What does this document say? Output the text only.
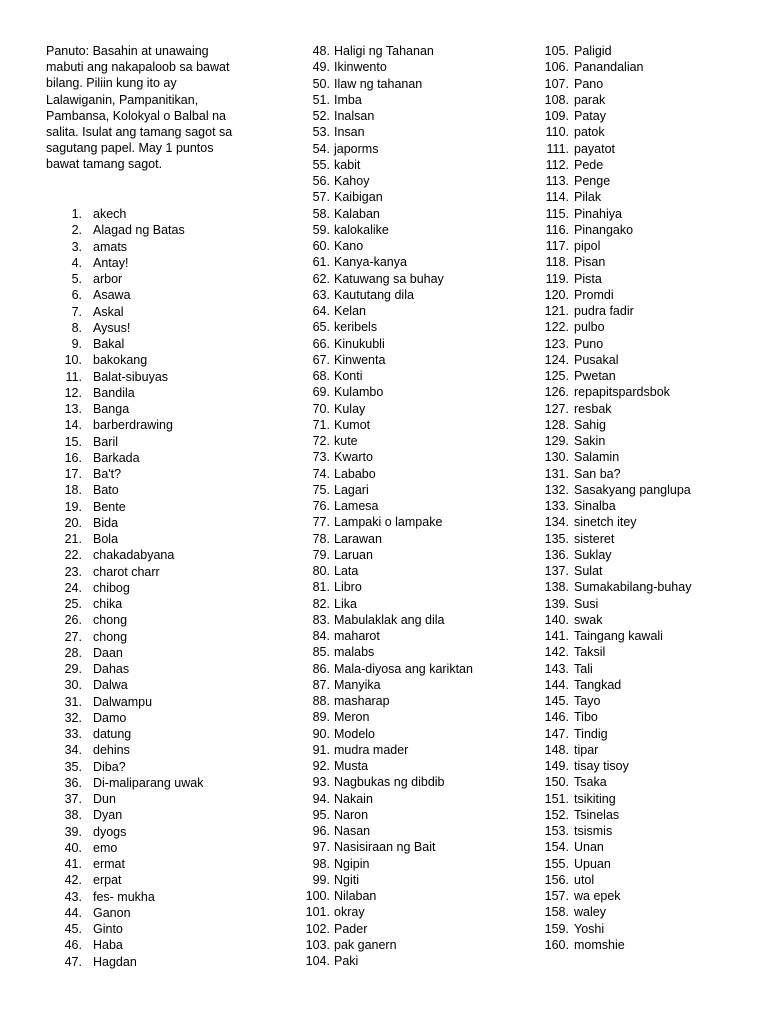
Panuto: Basahin at unawaing
mabuti ang nakapaloob sa bawat
bilang. Piliin kung ito ay
Lalawiganin, Pampanitikan,
Pambansa, Kolokyal o Balbal na
salita. Isulat ang tamang sagot sa
sagutang papel. May 1 puntos
bawat tamang sagot.
1. akech
2. Alagad ng Batas
3. amats
4. Antay!
5. arbor
6. Asawa
7. Askal
8. Aysus!
9. Bakal
10. bakokang
11. Balat-sibuyas
12. Bandila
13. Banga
14. barberdrawing
15. Baril
16. Barkada
17. Ba't?
18. Bato
19. Bente
20. Bida
21. Bola
22. chakadabyana
23. charot charr
24. chibog
25. chika
26. chong
27. chong
28. Daan
29. Dahas
30. Dalwa
31. Dalwampu
32. Damo
33. datung
34. dehins
35. Diba?
36. Di-maliparang uwak
37. Dun
38. Dyan
39. dyogs
40. emo
41. ermat
42. erpat
43. fes- mukha
44. Ganon
45. Ginto
46. Haba
47. Hagdan
48. Haligi ng Tahanan
49. Ikinwento
50. Ilaw ng tahanan
51. Imba
52. Inalsan
53. Insan
54. japorms
55. kabit
56. Kahoy
57. Kaibigan
58. Kalaban
59. kalokalike
60. Kano
61. Kanya-kanya
62. Katuwang sa buhay
63. Kaututang dila
64. Kelan
65. keribels
66. Kinukubli
67. Kinwenta
68. Konti
69. Kulambo
70. Kulay
71. Kumot
72. kute
73. Kwarto
74. Lababo
75. Lagari
76. Lamesa
77. Lampaki o lampake
78. Larawan
79. Laruan
80. Lata
81. Libro
82. Lika
83. Mabulaklak ang dila
84. maharot
85. malabs
86. Mala-diyosa ang kariktan
87. Manyika
88. masharap
89. Meron
90. Modelo
91. mudra mader
92. Musta
93. Nagbukas ng dibdib
94. Nakain
95. Naron
96. Nasan
97. Nasisiraan ng Bait
98. Ngipin
99. Ngiti
100. Nilaban
101. okray
102. Pader
103. pak ganern
104. Paki
105. Paligid
106. Panandalian
107. Pano
108. parak
109. Patay
110. patok
111. payatot
112. Pede
113. Penge
114. Pilak
115. Pinahiya
116. Pinangako
117. pipol
118. Pisan
119. Pista
120. Promdi
121. pudra fadir
122. pulbo
123. Puno
124. Pusakal
125. Pwetan
126. repapitspardsbok
127. resbak
128. Sahig
129. Sakin
130. Salamin
131. San ba?
132. Sasakyang panglupa
133. Sinalba
134. sinetch itey
135. sisteret
136. Suklay
137. Sulat
138. Sumakabilang-buhay
139. Susi
140. swak
141. Taingang kawali
142. Taksil
143. Tali
144. Tangkad
145. Tayo
146. Tibo
147. Tindig
148. tipar
149. tisay tisoy
150. Tsaka
151. tsikiting
152. Tsinelas
153. tsismis
154. Unan
155. Upuan
156. utol
157. wa epek
158. waley
159. Yoshi
160. momshie
